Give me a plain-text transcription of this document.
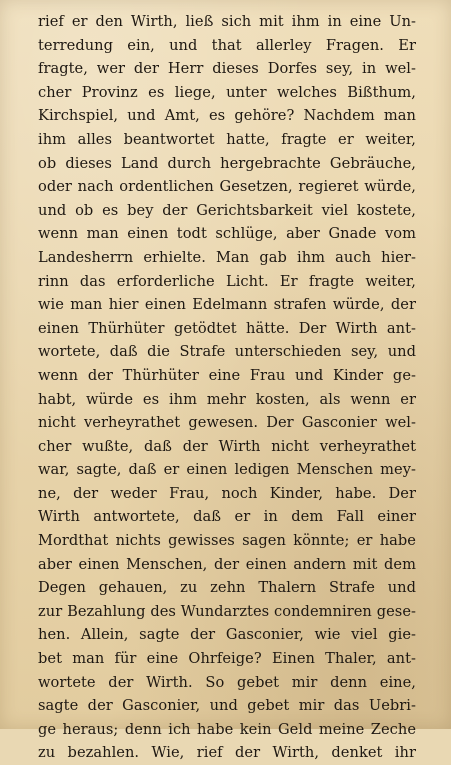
rief er den Wirth, ließ sich mit ihm in eine Un-
terredung ein, und that allerley Fragen. Er
fragte, wer der Herr dieses Dorfes sey, in wel-
cher Provinz es liege, unter welches Bißthum,
Kirchspiel, und Amt, es gehöre? Nachdem man
ihm alles beantwortet hatte, fragte er weiter,
ob dieses Land durch hergebrachte Gebräuche,
oder nach ordentlichen Gesetzen, regieret würde,
und ob es bey der Gerichtsbarkeit viel kostete,
wenn man einen todt schlüge, aber Gnade vom
Landesherrn erhielte. Man gab ihm auch hier-
rinn das erforderliche Licht. Er fragte weiter,
wie man hier einen Edelmann strafen würde, der
einen Thürhüter getödtet hätte. Der Wirth ant-
wortete, daß die Strafe unterschieden sey, und
wenn der Thürhüter eine Frau und Kinder ge-
habt, würde es ihm mehr kosten, als wenn er
nicht verheyrathet gewesen. Der Gasconier wel-
cher wußte, daß der Wirth nicht verheyrathet
war, sagte, daß er einen ledigen Menschen mey-
ne, der weder Frau, noch Kinder, habe. Der
Wirth antwortete, daß er in dem Fall einer
Mordthat nichts gewisses sagen könnte; er habe
aber einen Menschen, der einen andern mit dem
Degen gehauen, zu zehn Thalern Strafe und
zur Bezahlung des Wundarztes condemniren gese-
hen. Allein, sagte der Gasconier, wie viel gie-
bet man für eine Ohrfeige? Einen Thaler, ant-
wortete der Wirth. So gebet mir denn eine,
sagte der Gasconier, und gebet mir das Uebri-
ge heraus; denn ich habe kein Geld meine Zeche
zu bezahlen. Wie, rief der Wirth, denket ihr
